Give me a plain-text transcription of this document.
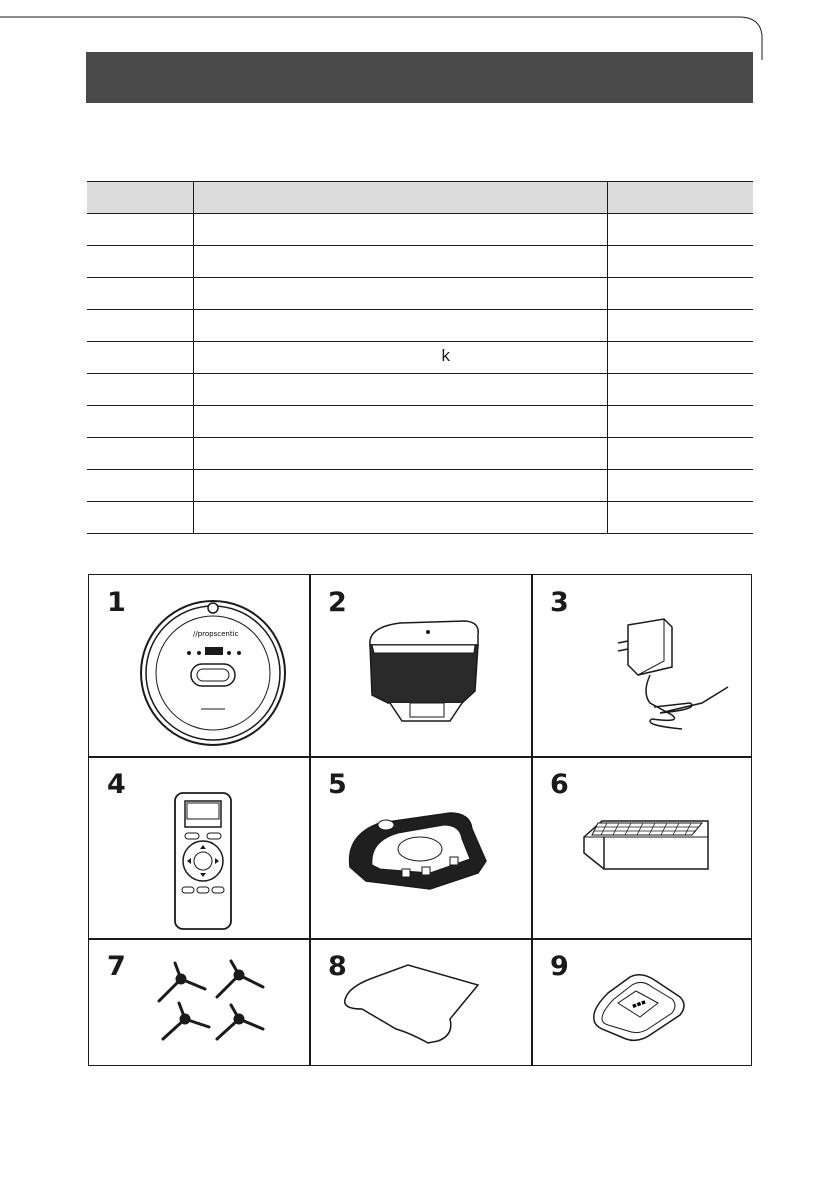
	k	

1
//propscentic
2	3
4	5	6
7	8	9
▪▪▪
